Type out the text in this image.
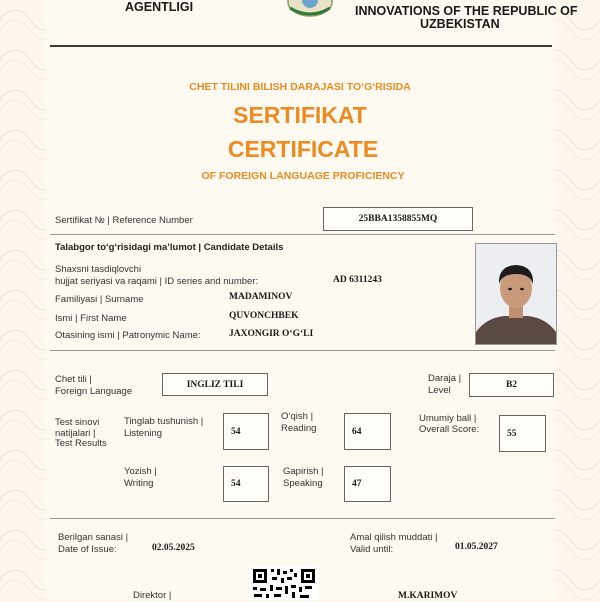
AGENTLIGI	INNOVATIONS OF THE REPUBLIC OF
UZBEKISTAN
CHET TILINI BILISH DARAJASI TO‘G‘RISIDA
SERTIFIKAT
CERTIFICATE
OF FOREIGN LANGUAGE PROFICIENCY
Sertifikat № | Reference Number	25BBA1358855MQ
Talabgor to‘g‘risidagi ma’lumot | Candidate Details
Shaxsni tasdiqlovchi
hujjat seriyasi va raqami | ID series and number:	AD 6311243
Familiyasi | Surname	MADAMINOV
Ismi | First Name	QUVONCHBEK
Otasining ismi | Patronymic Name:	JAXONGIR O‘G‘LI
Chet tili |
Foreign Language
INGLIZ TILI
Daraja |
Level	B2
Test sinovi
natijalari |
Test Results
Tinglab tushunish |
Listening	54
O‘qish |
Reading	64
Umumiy ball |
Overall Score:	55
Yozish |
Writing	54
Gapirish |
Speaking	47
Berilgan sanasi |
Date of Issue:	02.05.2025
Amal qilish muddati |
Valid until:	01.05.2027
Direktor |	M.KARIMOV
